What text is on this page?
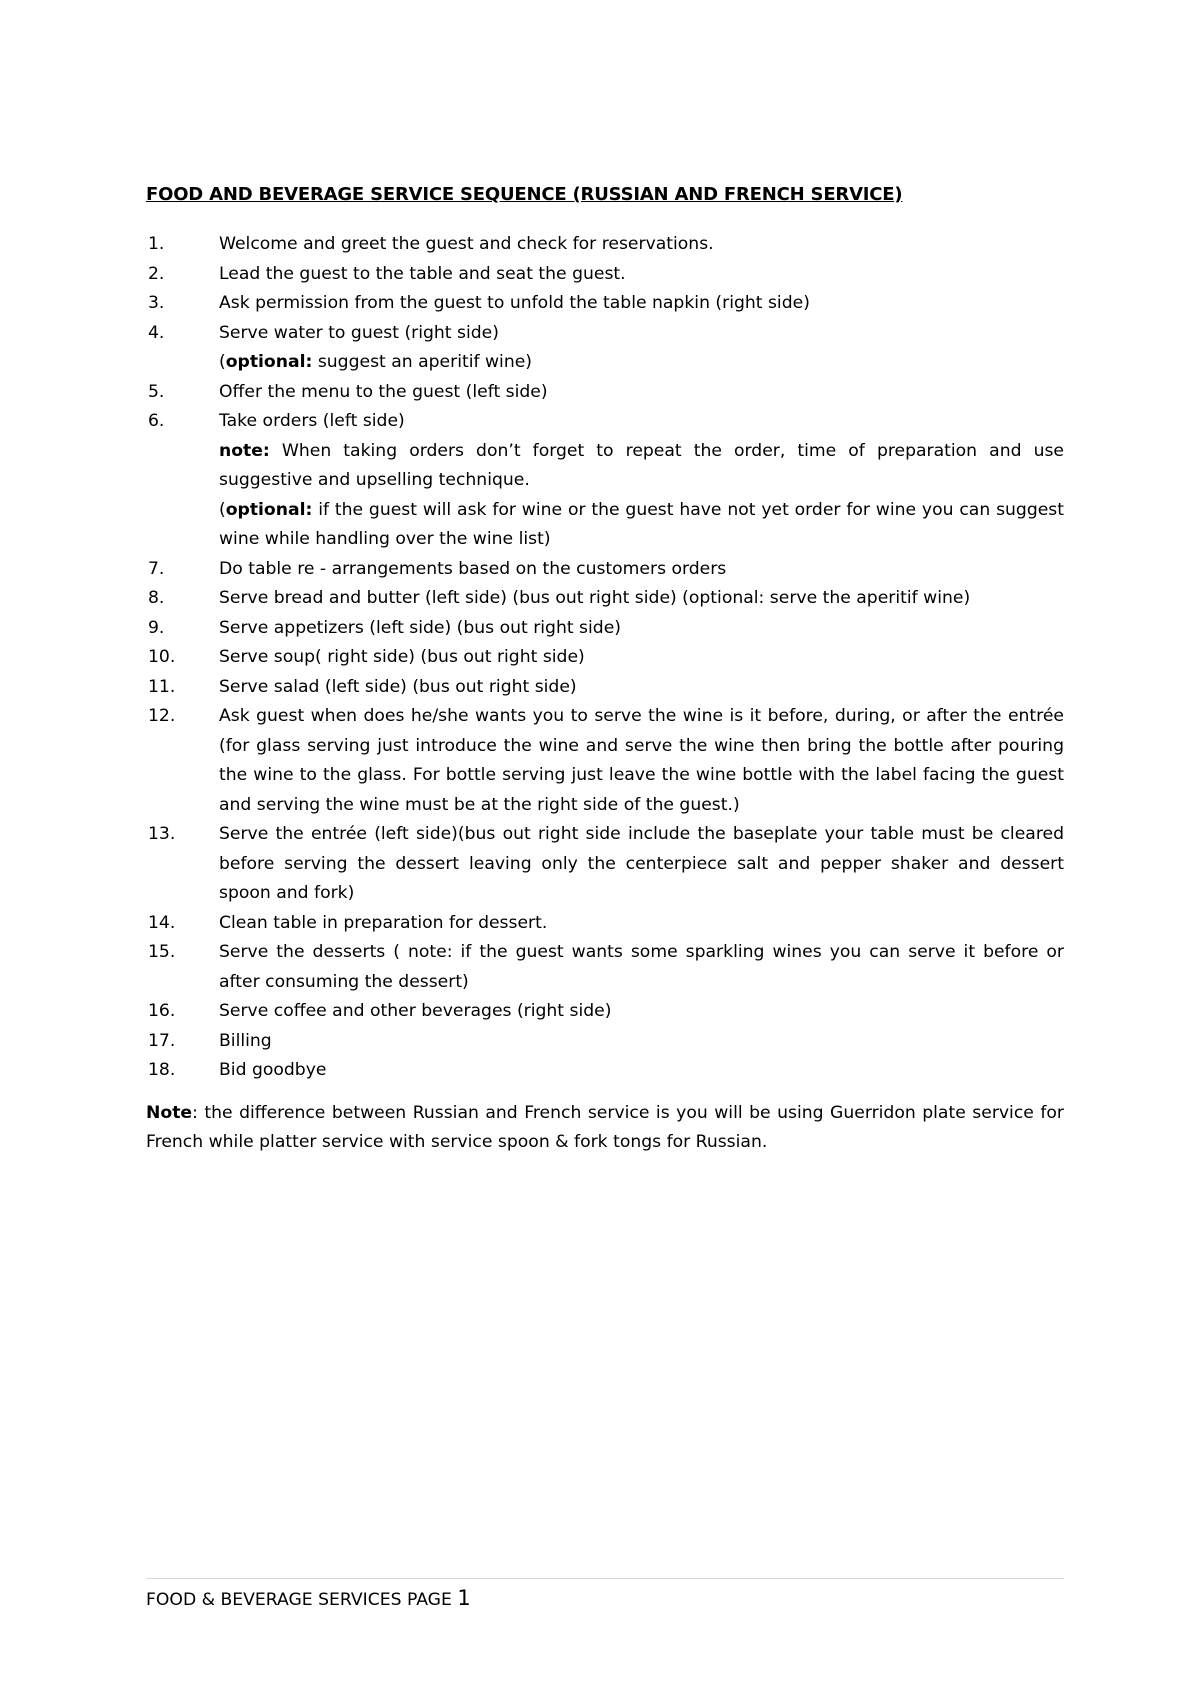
FOOD AND BEVERAGE SERVICE SEQUENCE (RUSSIAN AND FRENCH SERVICE)
1.	Welcome and greet the guest and check for reservations.
2.	Lead the guest to the table and seat the guest.
3.	Ask permission from the guest to unfold the table napkin (right side)
4.	Serve water to guest (right side)
(optional: suggest an aperitif wine)
5.	Offer the menu to the guest (left side)
6.	Take orders (left side)
note: When taking orders don’t forget to repeat the order, time of preparation and use suggestive and upselling technique.
(optional: if the guest will ask for wine or the guest have not yet order for wine you can suggest wine while handling over the wine list)
7.	Do table re - arrangements based on the customers orders
8.	Serve bread and butter (left side) (bus out right side) (optional: serve the aperitif wine)
9.	Serve appetizers (left side) (bus out right side)
10.	Serve soup( right side) (bus out right side)
11.	Serve salad (left side) (bus out right side)
12.	Ask guest when does he/she wants you to serve the wine is it before, during, or after the entrée (for glass serving just introduce the wine and serve the wine then bring the bottle after pouring the wine to the glass. For bottle serving just leave the wine bottle with the label facing the guest and serving the wine must be at the right side of the guest.)
13.	Serve the entrée (left side)(bus out right side include the baseplate your table must be cleared before serving the dessert leaving only the centerpiece salt and pepper shaker and dessert spoon and fork)
14.	Clean table in preparation for dessert.
15.	Serve the desserts ( note: if the guest wants some sparkling wines you can serve it before or after consuming the dessert)
16.	Serve coffee and other beverages (right side)
17.	Billing
18.	Bid goodbye

Note: the difference between Russian and French service is you will be using Guerridon plate service for French while platter service with service spoon & fork tongs for Russian.

FOOD & BEVERAGE SERVICES PAGE 1
